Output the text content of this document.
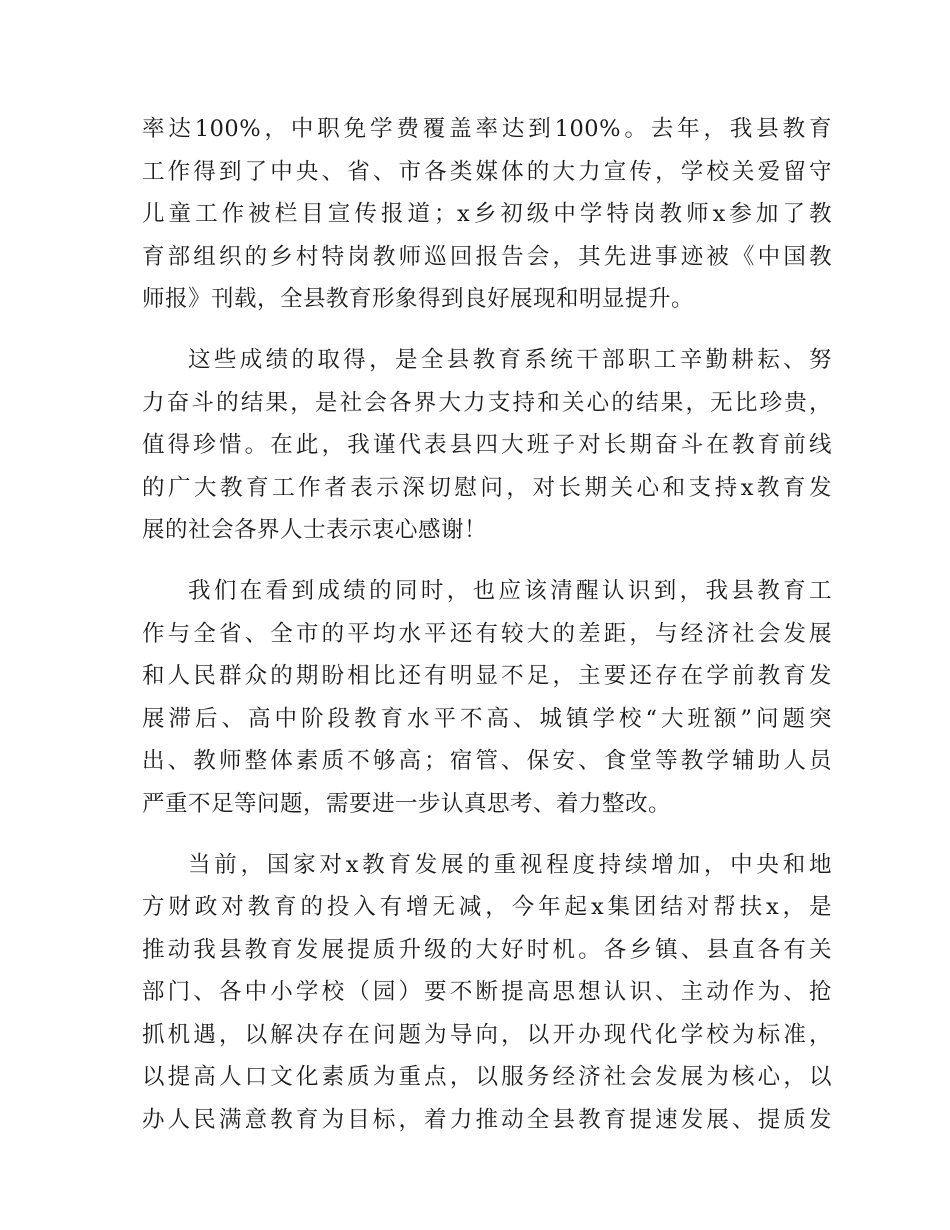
率达100%，中职免学费覆盖率达到100%。去年，我县教育
工作得到了中央、省、市各类媒体的大力宣传，学校关爱留守
儿童工作被栏目宣传报道；x乡初级中学特岗教师x参加了教
育部组织的乡村特岗教师巡回报告会，其先进事迹被《中国教
师报》刊载，全县教育形象得到良好展现和明显提升。
这些成绩的取得，是全县教育系统干部职工辛勤耕耘、努
力奋斗的结果，是社会各界大力支持和关心的结果，无比珍贵，
值得珍惜。在此，我谨代表县四大班子对长期奋斗在教育前线
的广大教育工作者表示深切慰问，对长期关心和支持x教育发
展的社会各界人士表示衷心感谢！
我们在看到成绩的同时，也应该清醒认识到，我县教育工
作与全省、全市的平均水平还有较大的差距，与经济社会发展
和人民群众的期盼相比还有明显不足，主要还存在学前教育发
展滞后、高中阶段教育水平不高、城镇学校“大班额”问题突
出、教师整体素质不够高；宿管、保安、食堂等教学辅助人员
严重不足等问题，需要进一步认真思考、着力整改。
当前，国家对x教育发展的重视程度持续增加，中央和地
方财政对教育的投入有增无减，今年起x集团结对帮扶x，是
推动我县教育发展提质升级的大好时机。各乡镇、县直各有关
部门、各中小学校（园）要不断提高思想认识、主动作为、抢
抓机遇，以解决存在问题为导向，以开办现代化学校为标准，
以提高人口文化素质为重点，以服务经济社会发展为核心，以
办人民满意教育为目标，着力推动全县教育提速发展、提质发
